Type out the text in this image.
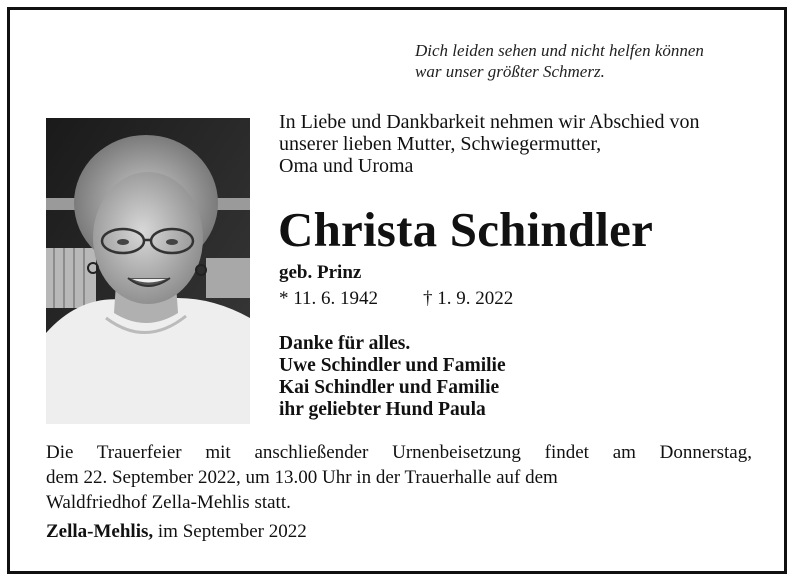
Dich leiden sehen und nicht helfen können
war unser größter Schmerz.
In Liebe und Dankbarkeit nehmen wir Abschied von
unserer lieben Mutter, Schwiegermutter,
Oma und Uroma
Christa Schindler
geb. Prinz
* 11. 6. 1942 † 1. 9. 2022
Danke für alles.
Uwe Schindler und Familie
Kai Schindler und Familie
ihr geliebter Hund Paula
Die Trauerfeier mit anschließender Urnenbeisetzung findet am Donnerstag,
dem 22. September 2022, um 13.00 Uhr in der Trauerhalle auf dem
Waldfriedhof Zella-Mehlis statt.
Zella-Mehlis, im September 2022
